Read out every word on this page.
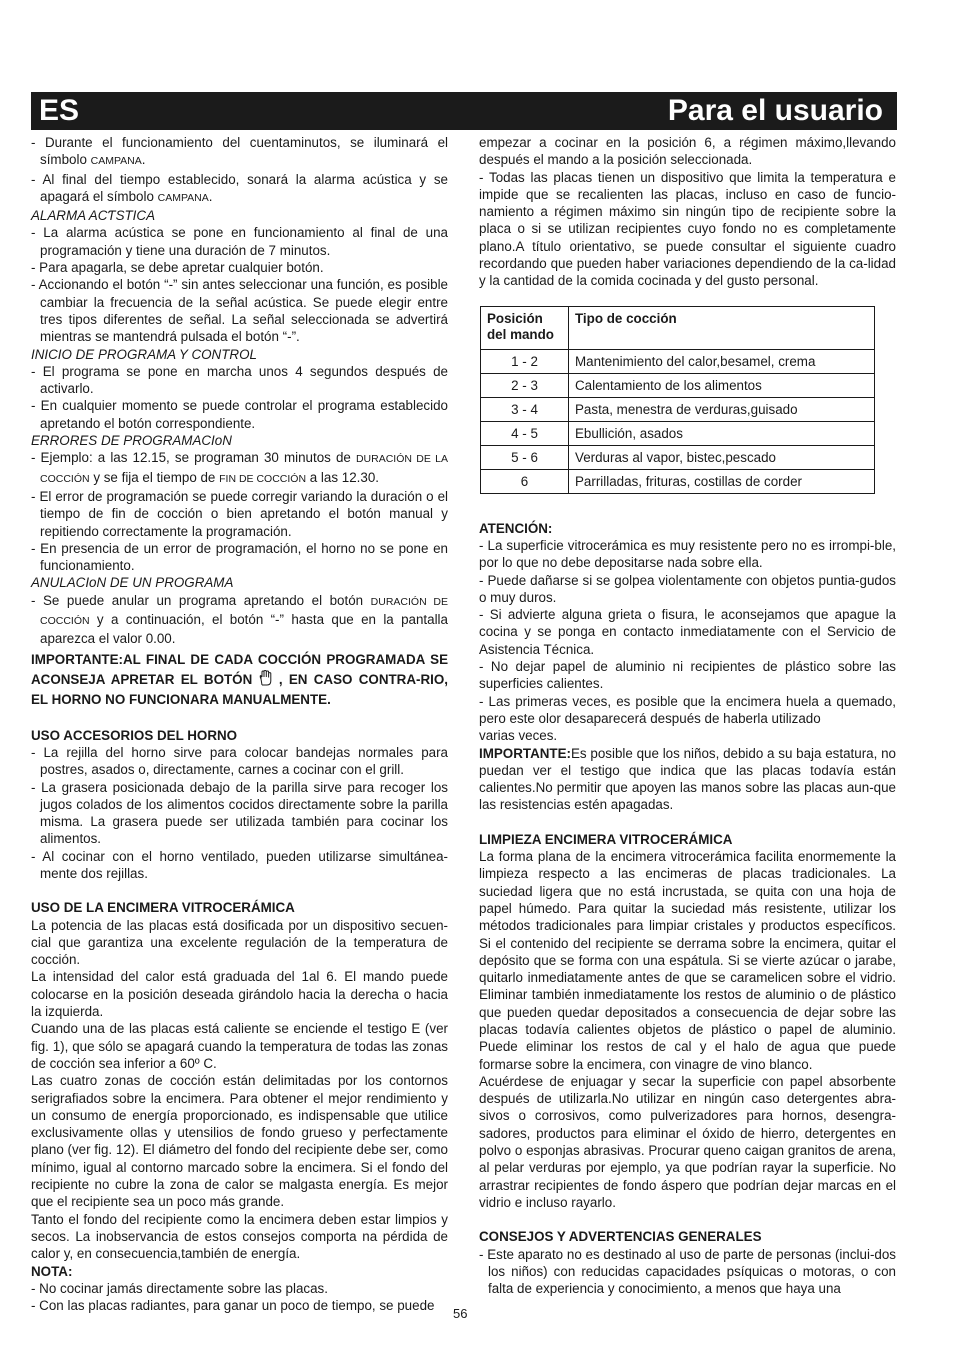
ES	Para el usuario

- Durante el funcionamiento del cuentaminutos, se iluminará el símbolo CAMPANA.

- Al final del tiempo establecido, sonará la alarma acústica y se apagará el símbolo CAMPANA.

ALARMA ACƬSTICA

- La alarma acústica se pone en funcionamiento al final de una programación y tiene una duración de 7 minutos.

- Para apagarla, se debe apretar cualquier botón.

- Accionando el botón “-” sin antes seleccionar una función, es posible cambiar la frecuencia de la señal acústica. Se puede elegir entre tres tipos diferentes de señal. La señal seleccionada se advertirá mientras se mantendrá pulsada el botón “-”.

INICIO DE PROGRAMA Y CONTROL

- El programa se pone en marcha unos 4 segundos después de activarlo.

- En cualquier momento se puede controlar el programa establecido apretando el botón correspondiente.

ERRORES DE PROGRAMACIoN

- Ejemplo: a las 12.15, se programan 30 minutos de DURACIÓN DE LA COCCIÓN y se fija el tiempo de FIN DE COCCIÓN a las 12.30.

- El error de programación se puede corregir variando la duración o el tiempo de fin de cocción o bien apretando el botón manual y repitiendo correctamente la programación.

- En presencia de un error de programación, el horno no se pone en funcionamiento.

ANULACIoN DE UN PROGRAMA

- Se puede anular un programa apretando el botón DURACIÓN DE COCCIÓN y a continuación, el botón “-” hasta que en la pantalla aparezca el valor 0.00.

IMPORTANTE:AL FINAL DE CADA COCCIÓN PROGRAMADA SE ACONSEJA APRETAR EL BOTÓN  , EN CASO CONTRA-RIO, EL HORNO NO FUNCIONARA MANUALMENTE.

USO ACCESORIOS DEL HORNO

- La rejilla del horno sirve para colocar bandejas normales para postres, asados o, directamente, carnes a cocinar con el grill.

- La grasera posicionada debajo de la parilla sirve para recoger los jugos colados de los alimentos cocidos directamente sobre la parilla misma. La grasera puede ser utilizada también para cocinar los alimentos.

- Al cocinar con el horno ventilado, pueden utilizarse simultánea-mente dos rejillas.

USO DE LA ENCIMERA VITROCERÁMICA

La potencia de las placas está dosificada por un dispositivo secuen-cial que garantiza una excelente regulación de la temperatura de cocción.

La intensidad del calor está graduada del 1al 6. El mando puede colocarse en la posición deseada girándolo hacia la derecha o hacia la izquierda.

Cuando una de las placas está caliente se enciende el testigo E (ver fig. 1), que sólo se apagará cuando la temperatura de todas las zonas de cocción sea inferior a 60º C.

Las cuatro zonas de cocción están delimitadas por los contornos serigrafiados sobre la encimera. Para obtener el mejor rendimiento y un consumo de energía proporcionado, es indispensable que utilice exclusivamente ollas y utensilios de fondo grueso y perfectamente plano (ver fig. 12). El diámetro del fondo del recipiente debe ser, como mínimo, igual al contorno marcado sobre la encimera. Si el fondo del recipiente no cubre la zona de calor se malgasta energía. Es mejor que el recipiente sea un poco más grande.

Tanto el fondo del recipiente como la encimera deben estar limpios y secos. La inobservancia de estos consejos comporta na pérdida de calor y, en consecuencia,también de energía.

NOTA:

- No cocinar jamás directamente sobre las placas.

- Con las placas radiantes, para ganar un poco de tiempo, se puede

empezar a cocinar en la posición 6, a régimen máximo,llevando después el mando a la posición seleccionada.

- Todas las placas tienen un dispositivo que limita la temperatura e impide que se recalienten las placas, incluso en caso de funcio-namiento a régimen máximo sin ningún tipo de recipiente sobre la placa o si se utilizan recipientes cuyo fondo no es completamente plano.A título orientativo, se puede consultar el siguiente cuadro recordando que pueden haber variaciones dependiendo de la ca-lidad y la cantidad de la comida cocinada y del gusto personal.

Posición del mando	Tipo de cocción
1 - 2	Mantenimiento del calor,besamel, crema
2 - 3	Calentamiento de los alimentos
3 - 4	Pasta, menestra de verduras,guisado
4 - 5	Ebullición, asados
5 - 6	Verduras al vapor, bistec,pescado
6	Parrilladas, frituras, costillas de corder

ATENCIÓN:

- La superficie vitrocerámica es muy resistente pero no es irrompi-ble, por lo que no debe depositarse nada sobre ella.

- Puede dañarse si se golpea violentamente con objetos puntia-gudos o muy duros.

- Si advierte alguna grieta o fisura, le aconsejamos que apague la cocina y se ponga en contacto inmediatamente con el Servicio de Asistencia Técnica.

- No dejar papel de aluminio ni recipientes de plástico sobre las superficies calientes.

- Las primeras veces, es posible que la encimera huela a quemado, pero este olor desaparecerá después de haberla utilizado

varias veces.

IMPORTANTE:Es posible que los niños, debido a su baja estatura, no puedan ver el testigo que indica que las placas todavía están calientes.No permitir que apoyen las manos sobre las placas aun-que las resistencias estén apagadas.

LIMPIEZA ENCIMERA VITROCERÁMICA

La forma plana de la encimera vitrocerámica facilita enormemente la limpieza respecto a las encimeras de placas tradicionales. La suciedad ligera que no está incrustada, se quita con una hoja de papel húmedo. Para quitar la suciedad más resistente, utilizar los métodos tradicionales para limpiar cristales y productos específicos. Si el contenido del recipiente se derrama sobre la encimera, quitar el depósito que se forma con una espátula. Si se vierte azúcar o jarabe, quitarlo inmediatamente antes de que se caramelicen sobre el vidrio. Eliminar también inmediatamente los restos de aluminio o de plástico que pueden quedar depositados a consecuencia de dejar sobre las placas todavía calientes objetos de plástico o papel de aluminio. Puede eliminar los restos de cal y el halo de agua que puede formarse sobre la encimera, con vinagre de vino blanco.

Acuérdese de enjuagar y secar la superficie con papel absorbente después de utilizarla.No utilizar en ningún caso detergentes abra-sivos o corrosivos, como pulverizadores para hornos, desengra-sadores, productos para eliminar el óxido de hierro, detergentes en polvo o esponjas abrasivas. Procurar queno caigan granitos de arena, al pelar verduras por ejemplo, ya que podrían rayar la superficie. No arrastrar recipientes de fondo áspero que podrían dejar marcas en el vidrio e incluso rayarlo.

CONSEJOS Y ADVERTENCIAS GENERALES

- Este aparato no es destinado al uso de parte de personas (inclui-dos los niños) con reducidas capacidades psíquicas o motoras, o con falta de experiencia y conocimiento, a menos que haya una

56
